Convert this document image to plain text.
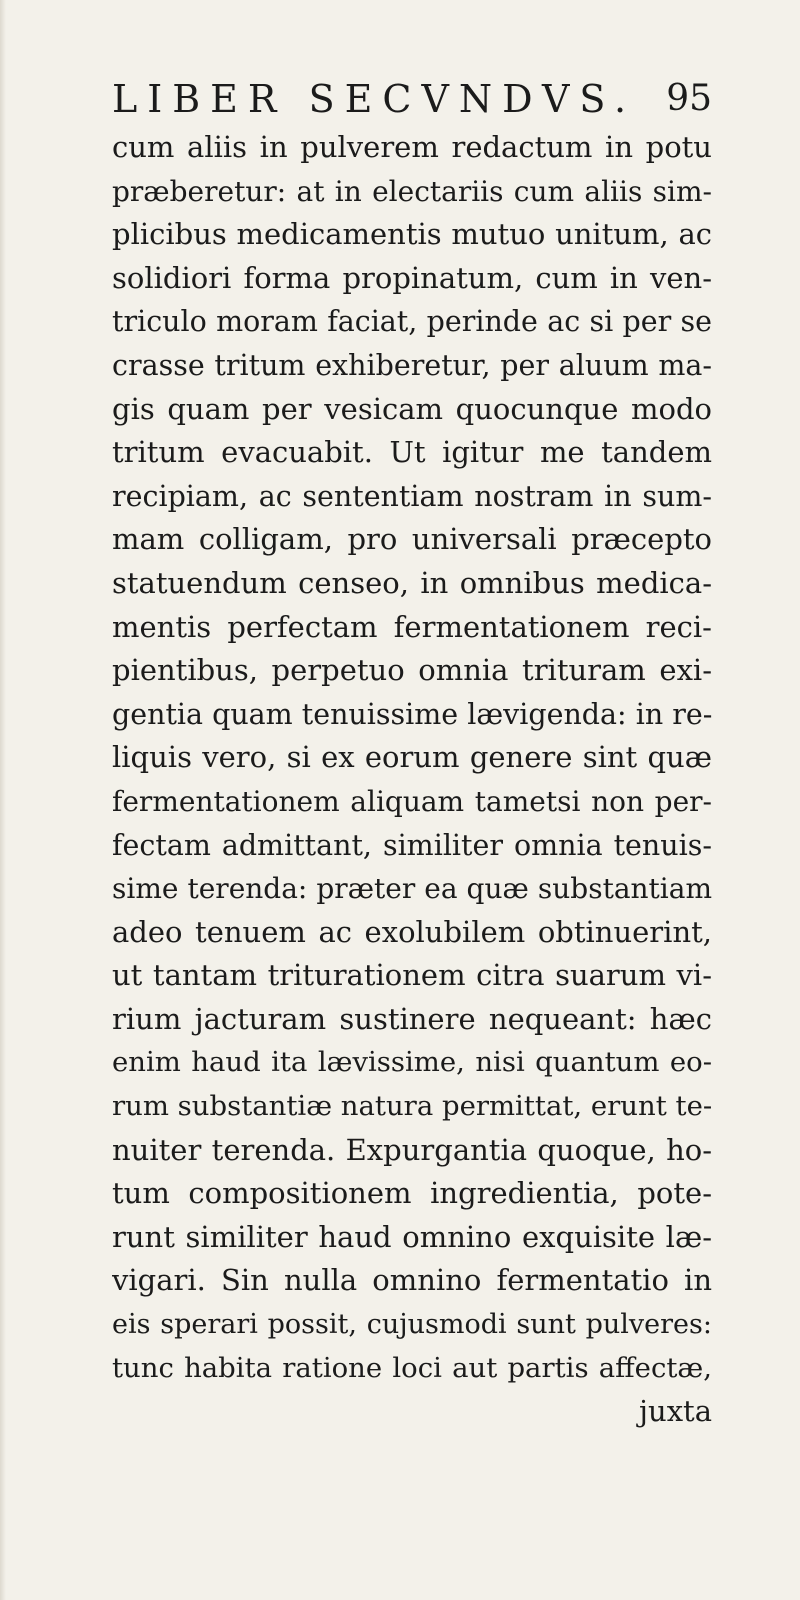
LIBER SECVNDVS. 95
cum aliis in pulverem redactum in potu
præberetur: at in electariis cum aliis sim-
plicibus medicamentis mutuo unitum, ac
solidiori forma propinatum, cum in ven-
triculo moram faciat, perinde ac si per se
crasse tritum exhiberetur, per aluum ma-
gis quam per vesicam quocunque modo
tritum evacuabit. Ut igitur me tandem
recipiam, ac sententiam nostram in sum-
mam colligam, pro universali præcepto
statuendum censeo, in omnibus medica-
mentis perfectam fermentationem reci-
pientibus, perpetuo omnia trituram exi-
gentia quam tenuissime lævigenda: in re-
liquis vero, si ex eorum genere sint quæ
fermentationem aliquam tametsi non per-
fectam admittant, similiter omnia tenuis-
sime terenda: præter ea quæ substantiam
adeo tenuem ac exolubilem obtinuerint,
ut tantam triturationem citra suarum vi-
rium jacturam sustinere nequeant: hæc
enim haud ita lævissime, nisi quantum eo-
rum substantiæ natura permittat, erunt te-
nuiter terenda. Expurgantia quoque, ho-
tum compositionem ingredientia, pote-
runt similiter haud omnino exquisite læ-
vigari. Sin nulla omnino fermentatio in
eis sperari possit, cujusmodi sunt pulveres:
tunc habita ratione loci aut partis affectæ,
juxta
